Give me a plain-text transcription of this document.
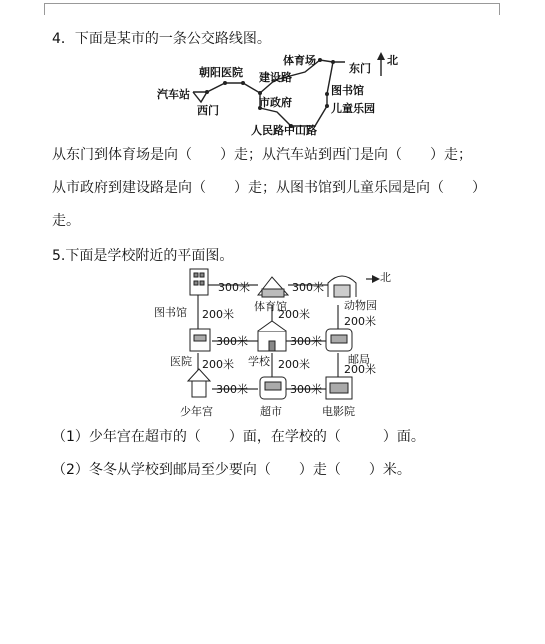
4．下面是某市的一条公交路线图。
北
汽车站
西门
朝阳医院 建设路
市政府
人民路中山路
体育场
东门
图书馆
儿童乐园
从东门到体育场是向（　　）走；从汽车站到西门是向（　　）走；
从市政府到建设路是向（　　）走；从图书馆到儿童乐园是向（　　）
走。
5.下面是学校附近的平面图。
北
300米	300米
200米	200米
200米
300米	300米
200米	200米	200米
300米	300米
图书馆	体育馆	动物园
医院	学校	邮局
少年宫	超市	电影院
（1）少年宫在超市的（　　）面，在学校的（　　　）面。
（2）冬冬从学校到邮局至少要向（　　）走（　　）米。
